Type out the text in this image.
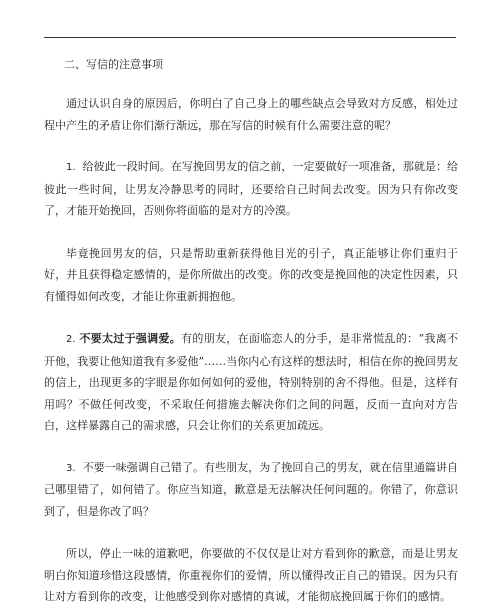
二、写信的注意事项

通过认识自身的原因后，你明白了自己身上的哪些缺点会导致对方反感，相处过程中产生的矛盾让你们渐行渐远，那在写信的时候有什么需要注意的呢？

1. 给彼此一段时间。在写挽回男友的信之前，一定要做好一项准备，那就是：给彼此一些时间，让男友冷静思考的同时，还要给自己时间去改变。因为只有你改变了，才能开始挽回，否则你将面临的是对方的冷漠。

毕竟挽回男友的信，只是帮助重新获得他目光的引子，真正能够让你们重归于好，并且获得稳定感情的，是你所做出的改变。你的改变是挽回他的决定性因素，只有懂得如何改变，才能让你重新拥抱他。

2. 不要太过于强调爱。有的朋友，在面临恋人的分手，是非常慌乱的：“我离不开他，我要让他知道我有多爱他”……当你内心有这样的想法时，相信在你的挽回男友的信上，出现更多的字眼是你如何如何的爱他，特别特别的舍不得他。但是，这样有用吗？不做任何改变，不采取任何措施去解决你们之间的问题，反而一直向对方告白，这样暴露自己的需求感，只会让你们的关系更加疏远。

3. 不要一味强调自己错了。有些朋友，为了挽回自己的男友，就在信里通篇讲自己哪里错了，如何错了。你应当知道，歉意是无法解决任何问题的。你错了，你意识到了，但是你改了吗？

所以，停止一味的道歉吧，你要做的不仅仅是让对方看到你的歉意，而是让男友明白你知道珍惜这段感情，你重视你们的爱情，所以懂得改正自己的错误。因为只有让对方看到你的改变，让他感受到你对感情的真诚，才能彻底挽回属于你们的感情。
